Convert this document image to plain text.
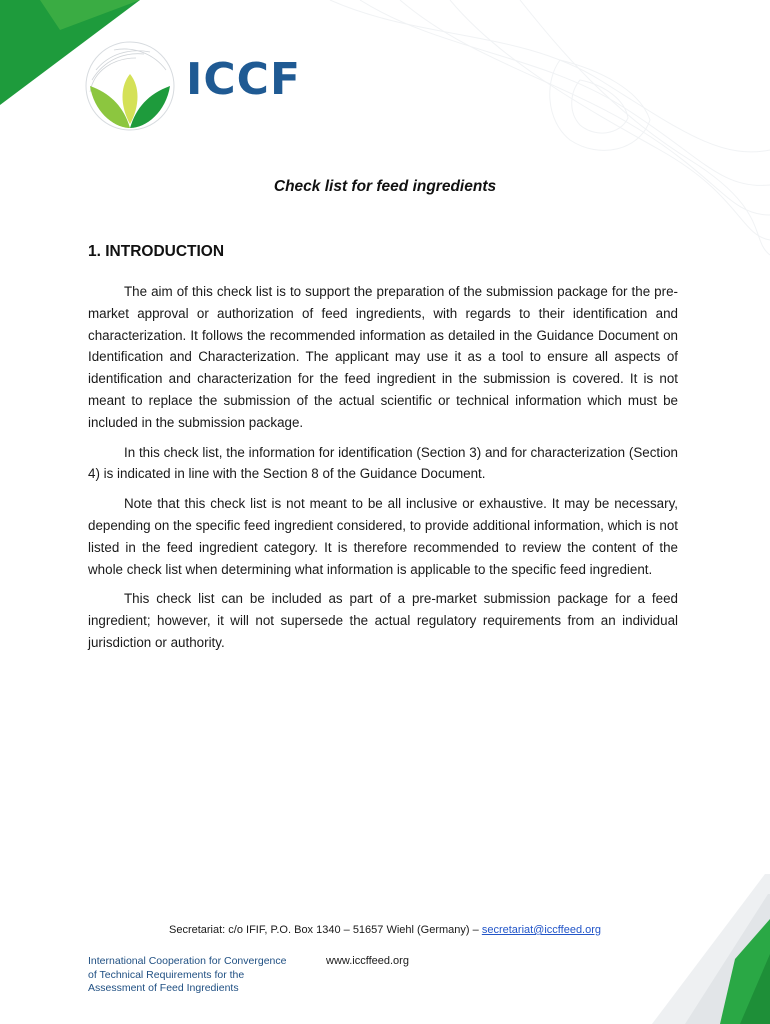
ICCF
Check list for feed ingredients
1. INTRODUCTION

The aim of this check list is to support the preparation of the submission package for the pre-market approval or authorization of feed ingredients, with regards to their identification and characterization. It follows the recommended information as detailed in the Guidance Document on Identification and Characterization. The applicant may use it as a tool to ensure all aspects of identification and characterization for the feed ingredient in the submission is covered. It is not meant to replace the submission of the actual scientific or technical information which must be included in the submission package.

In this check list, the information for identification (Section 3) and for characterization (Section 4) is indicated in line with the Section 8 of the Guidance Document.

Note that this check list is not meant to be all inclusive or exhaustive. It may be necessary, depending on the specific feed ingredient considered, to provide additional information, which is not listed in the feed ingredient category. It is therefore recommended to review the content of the whole check list when determining what information is applicable to the specific feed ingredient.

This check list can be included as part of a pre-market submission package for a feed ingredient; however, it will not supersede the actual regulatory requirements from an individual jurisdiction or authority.

Secretariat: c/o IFIF, P.O. Box 1340 – 51657 Wiehl (Germany) – secretariat@iccffeed.org
International Cooperation for Convergence
of Technical Requirements for the
Assessment of Feed Ingredients
www.iccffeed.org
